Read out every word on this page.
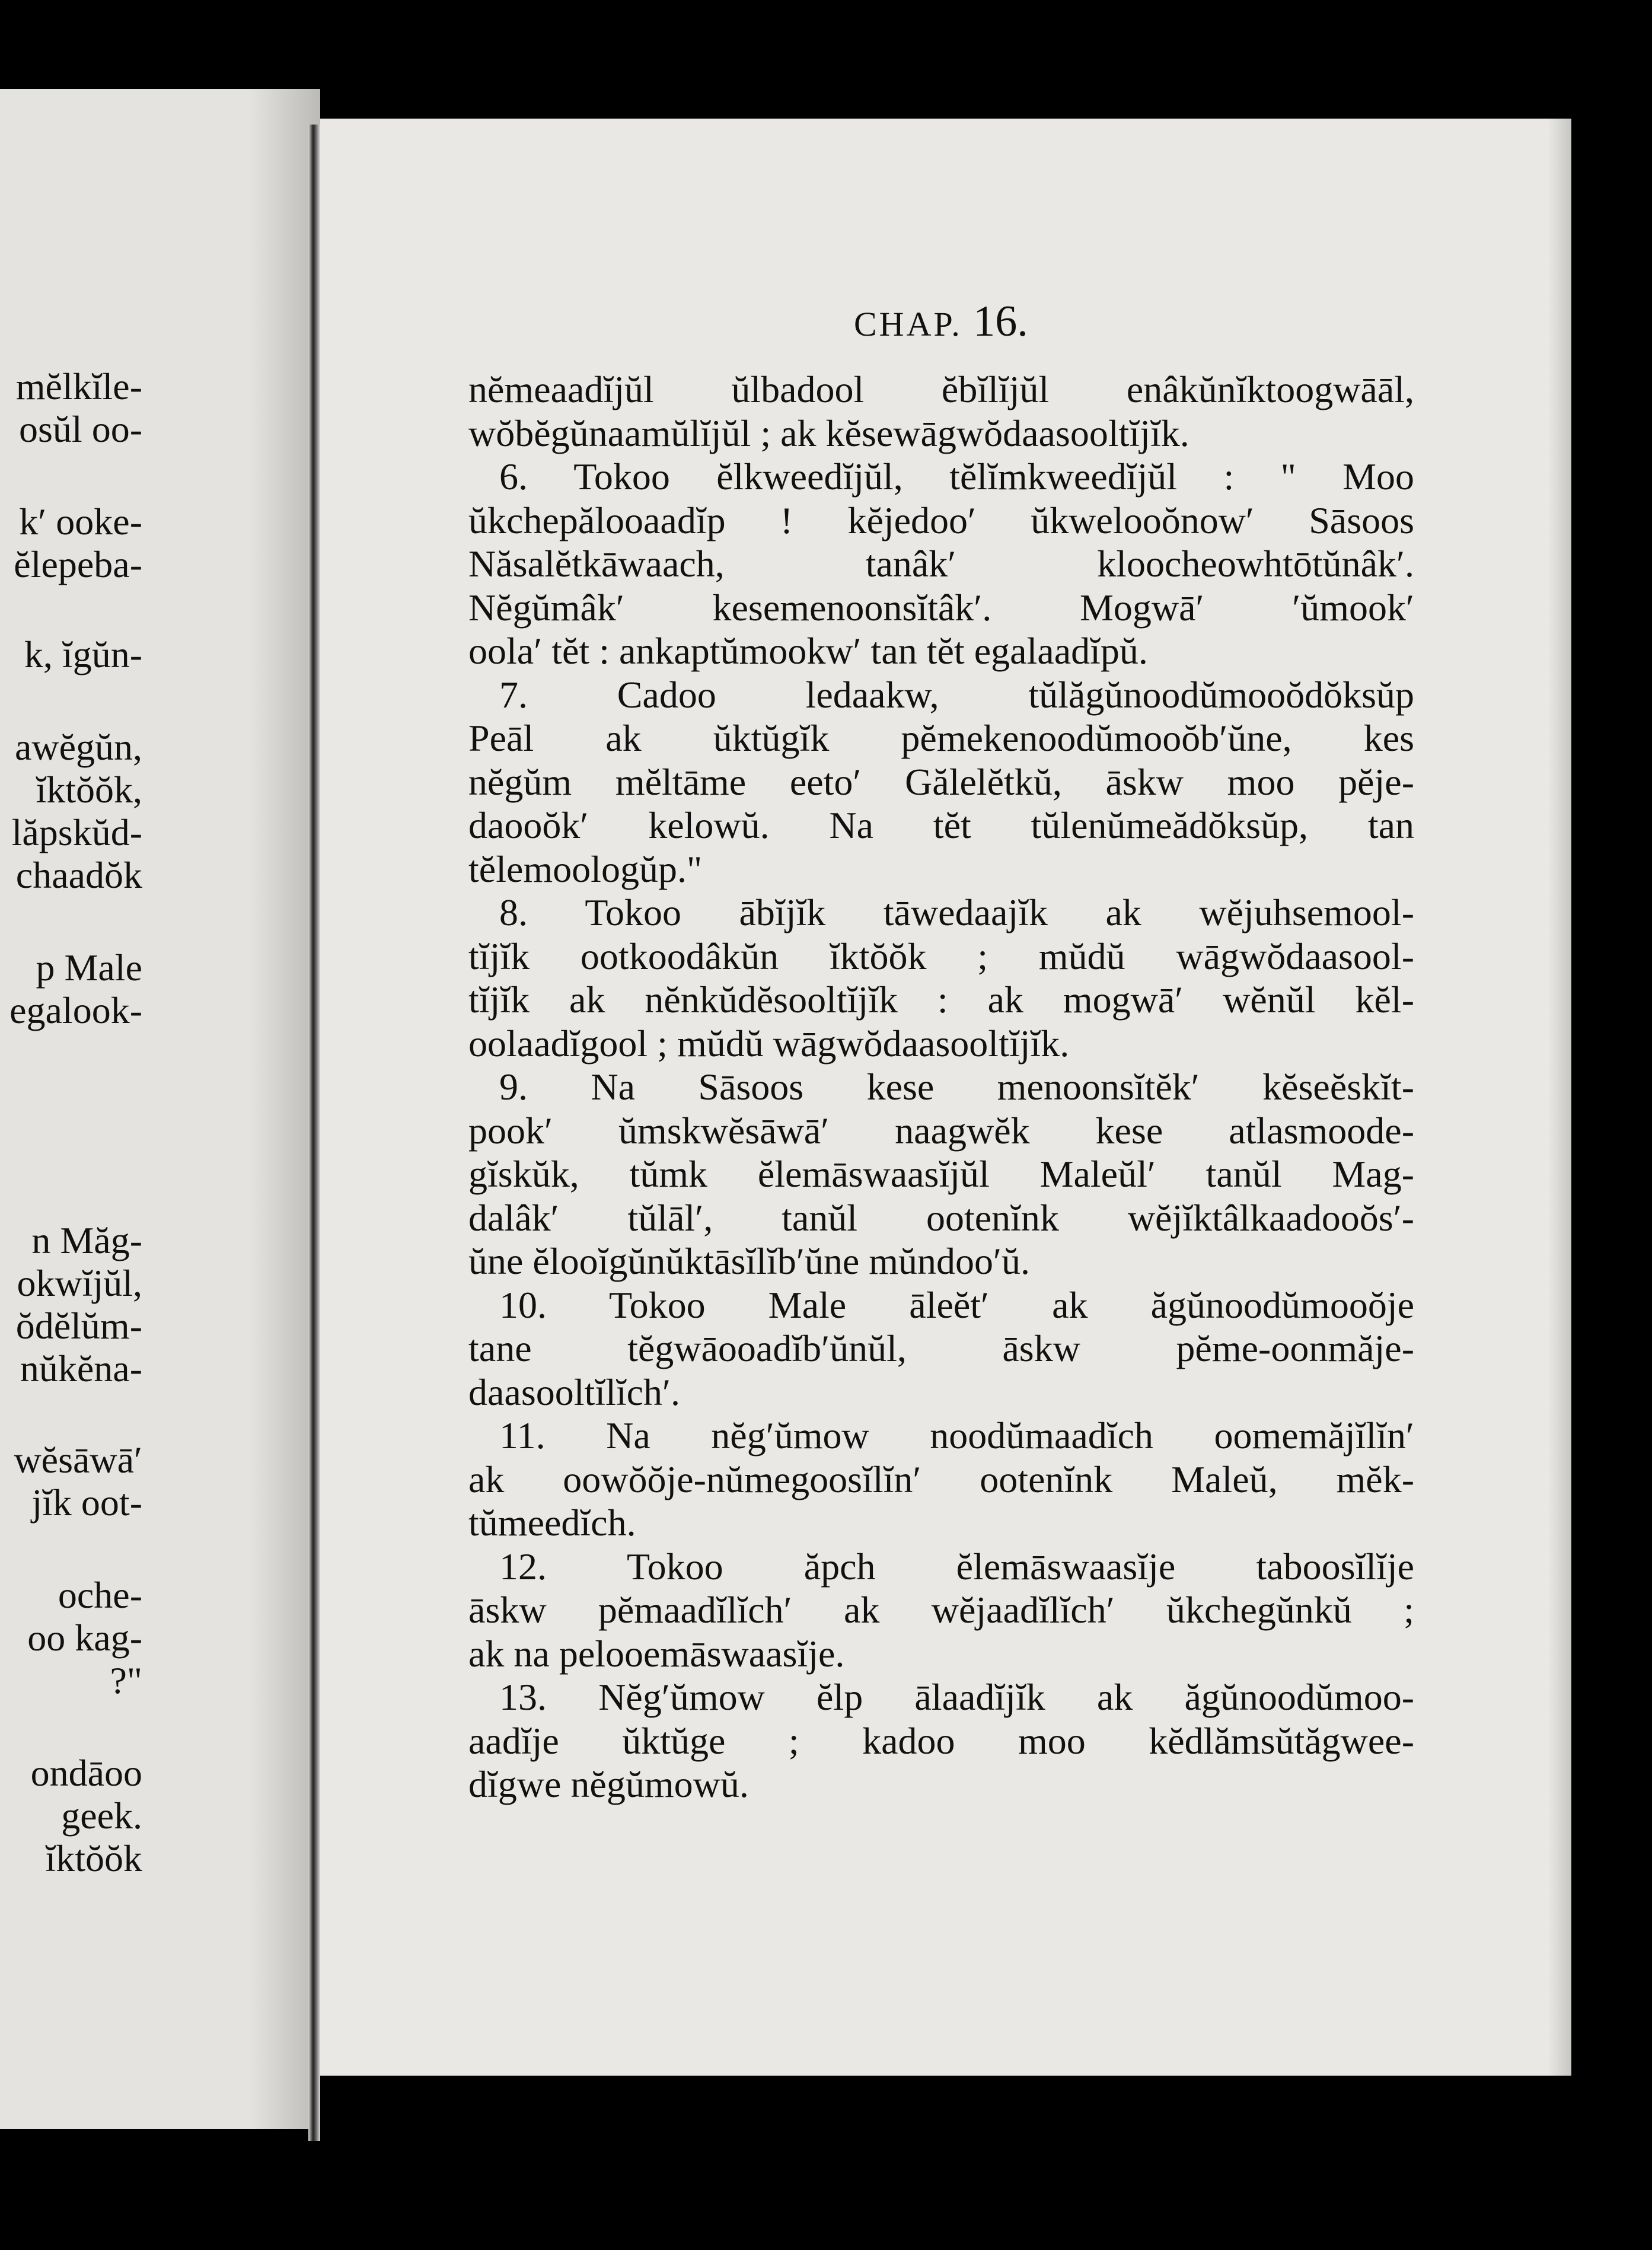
mĕlkĭle-
osŭl oo-
k′ ooke-
ĕlepeba-
k, ĭgŭn-
awĕgŭn,
ĭktŏŏk,
lăpskŭd-
chaadŏk
p Male
egalook-
n Măg-
okwĭjŭl,
ŏdĕlŭm-
nŭkĕna-
wĕsāwā′
jĭk oot-
oche-
oo kag-
?"
ondāoo
geek.
ĭktŏŏk
CHAP. 16.
nĕmeaadĭjŭl ŭlbadool ĕbĭlĭjŭl enâkŭnĭktoogwāāl,
wŏbĕgŭnaamŭlĭjŭl ; ak kĕsewāgwŏdaasooltĭjĭk.
6. Tokoo ĕlkweedĭjŭl, tĕlĭmkweedĭjŭl : " Moo
ŭkchepălooaadĭp ! kĕjedoo′ ŭkwelooŏnow′ Sāsoos
Năsalĕtkāwaach, tanâk′ kloocheowhtōtŭnâk′.
Nĕgŭmâk′ kesemenoonsĭtâk′. Mogwā′ ′ŭmook′
oola′ tĕt : ankaptŭmookw′ tan tĕt egalaadĭpŭ.
7. Cadoo ledaakw, tŭlăgŭnoodŭmooŏdŏksŭp
Peāl ak ŭktŭgĭk pĕmekenoodŭmooŏb′ŭne, kes
nĕgŭm mĕltāme eeto′ Gălelĕtkŭ, āskw moo pĕje-
daooŏk′ kelowŭ. Na tĕt tŭlenŭmeădŏksŭp, tan
tĕlemoologŭp."
8. Tokoo ābĭjĭk tāwedaajĭk ak wĕjuhsemool-
tĭjĭk ootkoodâkŭn ĭktŏŏk ; mŭdŭ wāgwŏdaasool-
tĭjĭk ak nĕnkŭdĕsooltĭjĭk : ak mogwā′ wĕnŭl kĕl-
oolaadĭgool ; mŭdŭ wāgwŏdaasooltĭjĭk.
9. Na Sāsoos kese menoonsĭtĕk′ kĕseĕskĭt-
pook′ ŭmskwĕsāwā′ naagwĕk kese atlasmoode-
gĭskŭk, tŭmk ĕlemāswaasĭjŭl Maleŭl′ tanŭl Mag-
dalâk′ tŭlāl′, tanŭl ootenĭnk wĕjĭktâlkaadooŏs′-
ŭne ĕlooĭgŭnŭktāsĭlĭb′ŭne mŭndoo′ŭ.
10. Tokoo Male āleĕt′ ak ăgŭnoodŭmooŏje
tane tĕgwāooadĭb′ŭnŭl, āskw pĕme-oonmăje-
daasooltĭlĭch′.
11. Na nĕg′ŭmow noodŭmaadĭch oomemăjĭlĭn′
ak oowŏŏje-nŭmegoosĭlĭn′ ootenĭnk Maleŭ, mĕk-
tŭmeedĭch.
12. Tokoo ăpch ĕlemāswaasĭje taboosĭlĭje
āskw pĕmaadĭlĭch′ ak wĕjaadĭlĭch′ ŭkchegŭnkŭ ;
ak na pelooemāswaasĭje.
13. Nĕg′ŭmow ĕlp ālaadĭjĭk ak ăgŭnoodŭmoo-
aadĭje ŭktŭge ; kadoo moo kĕdlămsŭtăgwee-
dĭgwe nĕgŭmowŭ.
